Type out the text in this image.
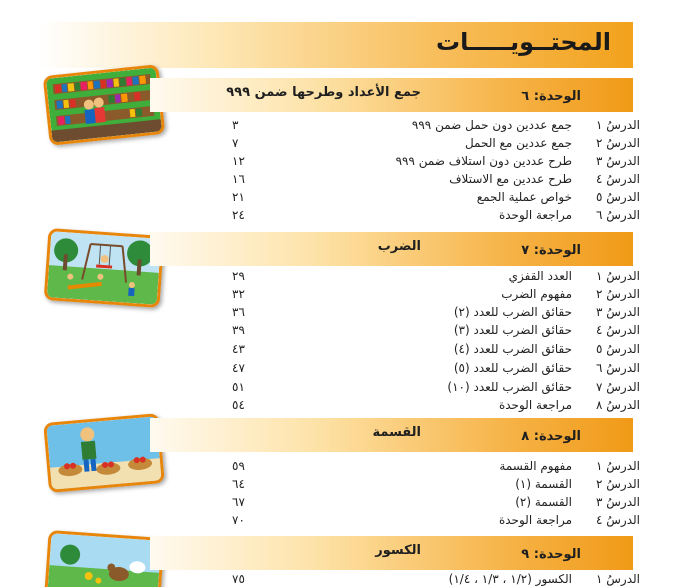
المحتــويـــــات
الوحدة: ٦
جمع الأعداد وطرحها ضمن ٩٩٩
الدرسُ ١
جمع عددين دون حمل ضمن ٩٩٩
٣
الدرسُ ٢
جمع عددين مع الحمل
٧
الدرسُ ٣
طرح عددين دون استلاف ضمن ٩٩٩
١٢
الدرسُ ٤
طرح عددين مع الاستلاف
١٦
الدرسُ ٥
خواص عملية الجمع
٢١
الدرسُ ٦
مراجعة الوحدة
٢٤
الوحدة: ٧
الضرب
الدرسُ ١
العدد القفزي
٢٩
الدرسُ ٢
مفهوم الضرب
٣٢
الدرسُ ٣
حقائق الضرب للعدد (٢)
٣٦
الدرسُ ٤
حقائق الضرب للعدد (٣)
٣٩
الدرسُ ٥
حقائق الضرب للعدد (٤)
٤٣
الدرسُ ٦
حقائق الضرب للعدد (٥)
٤٧
الدرسُ ٧
حقائق الضرب للعدد (١٠)
٥١
الدرسُ ٨
مراجعة الوحدة
٥٤
الوحدة: ٨
القسمة
الدرسُ ١
مفهوم القسمة
٥٩
الدرسُ ٢
القسمة (١)
٦٤
الدرسُ ٣
القسمة (٢)
٦٧
الدرسُ ٤
مراجعة الوحدة
٧٠
الوحدة: ٩
الكسور
الدرسُ ١
الكسور (١/٢ ، ١/٣ ، ١/٤)
٧٥
